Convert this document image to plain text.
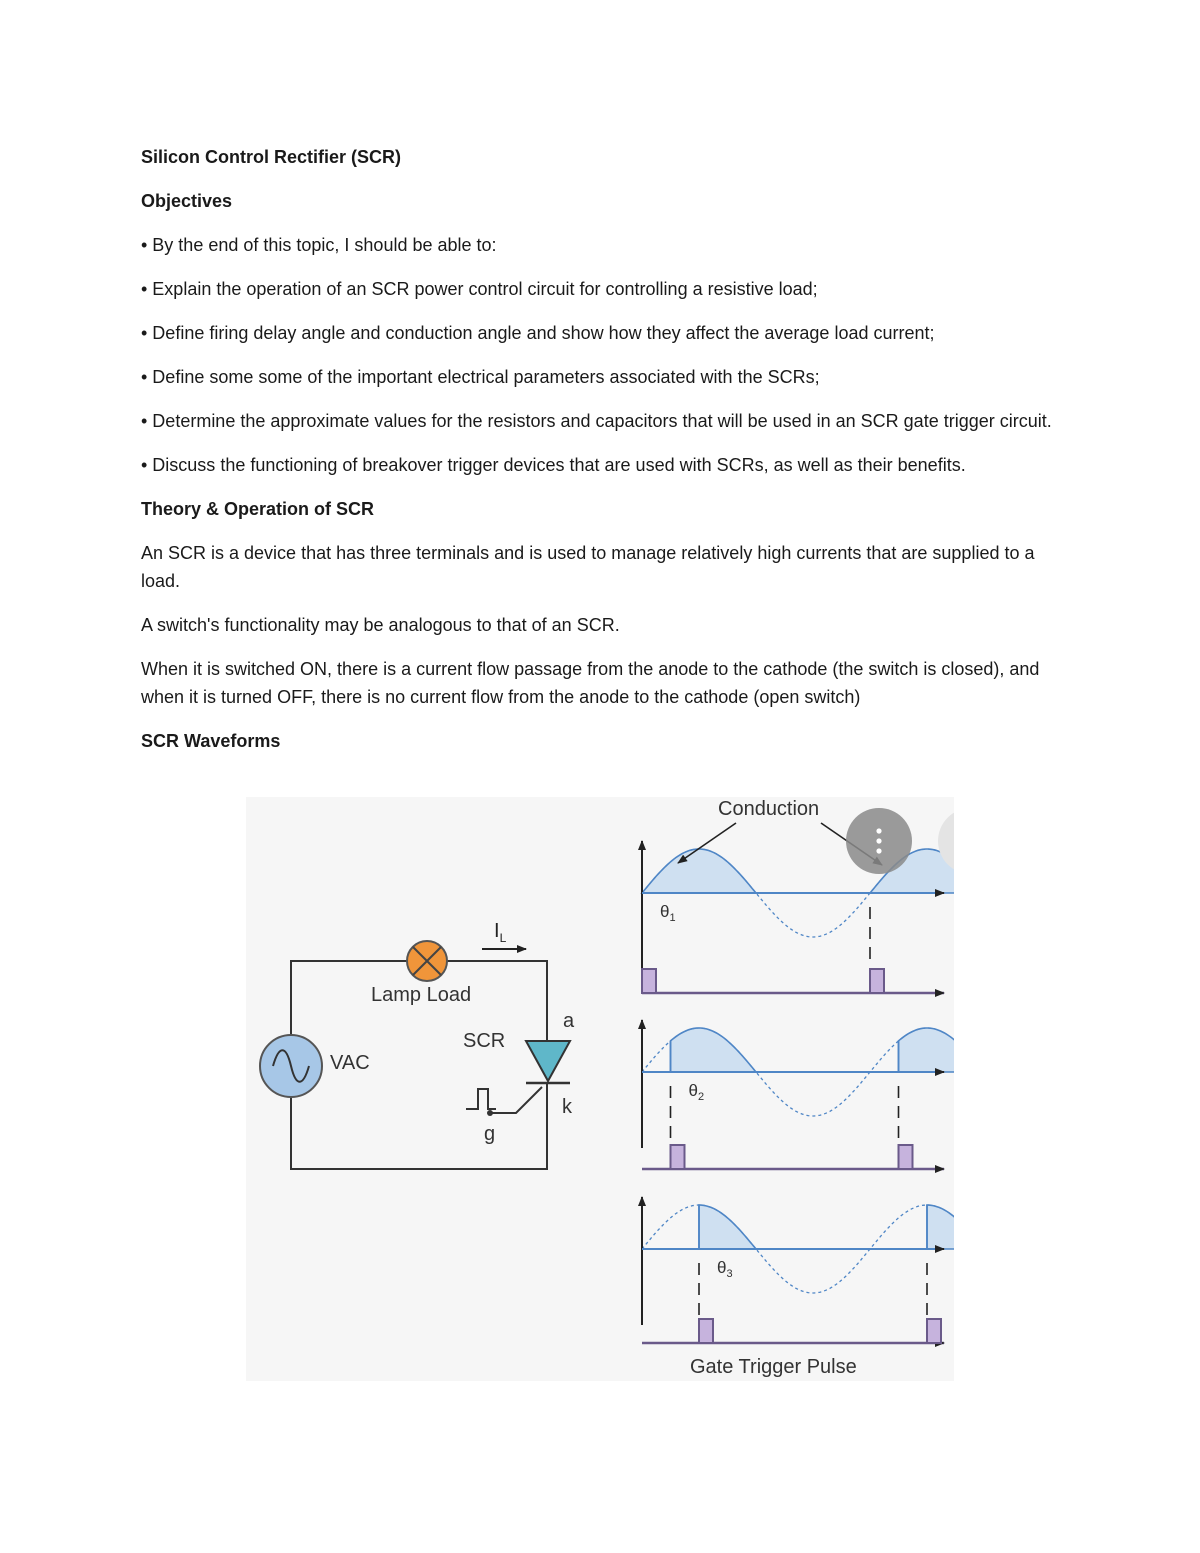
Silicon Control Rectifier (SCR)

Objectives

• By the end of this topic, I should be able to:

• Explain the operation of an SCR power control circuit for controlling a resistive load;

• Define firing delay angle and conduction angle and show how they affect the average load current;

• Define some some of the important electrical parameters associated with the SCRs;

• Determine the approximate values for the resistors and capacitors that will be used in an SCR gate trigger circuit.

• Discuss the functioning of breakover trigger devices that are used with SCRs, as well as their benefits.

Theory & Operation of SCR

An SCR is a device that has three terminals and is used to manage relatively high currents that are supplied to a load.

A switch's functionality may be analogous to that of an SCR.

When it is switched ON, there is a current flow passage from the anode to the cathode (the switch is closed), and when it is turned OFF, there is no current flow from the anode to the cathode (open switch)

SCR Waveforms

Lamp Load
$I_L$
VAC
SCR
a
k
g
$\theta_1$
$\theta_2$
$\theta_3$
Conduction
Gate Trigger Pulse
